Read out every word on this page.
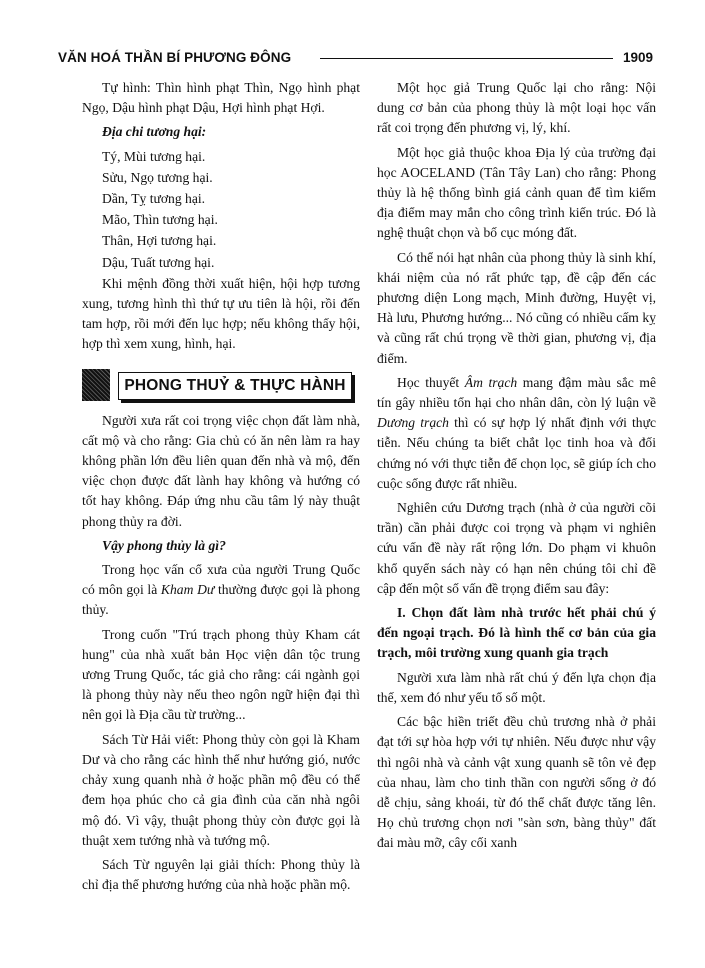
VĂN HOÁ THẦN BÍ PHƯƠNG ĐÔNG	1909

Tự hình: Thìn hình phạt Thìn, Ngọ hình phạt Ngọ, Dậu hình phạt Dậu, Hợi hình phạt Hợi.

Địa chi tương hại:

Tý, Mùi tương hại.

Sửu, Ngọ tương hại.

Dần, Tỵ tương hại.

Mão, Thìn tương hại.

Thân, Hợi tương hại.

Dậu, Tuất tương hại.

Khi mệnh đồng thời xuất hiện, hội hợp tương xung, tương hình thì thứ tự ưu tiên là hội, rồi đến tam hợp, rồi mới đến lục hợp; nếu không thấy hội, hợp thì xem xung, hình, hại.

PHONG THUỶ & THỰC HÀNH

Người xưa rất coi trọng việc chọn đất làm nhà, cất mộ và cho rằng: Gia chủ có ăn nên làm ra hay không phần lớn đều liên quan đến nhà và mộ, đến việc chọn được đất lành hay không và hướng có tốt hay không. Đáp ứng nhu cầu tâm lý này thuật phong thủy ra đời.

Vậy phong thủy là gì?

Trong học vấn cổ xưa của người Trung Quốc có môn gọi là Kham Dư thường được gọi là phong thủy.

Trong cuốn "Trú trạch phong thủy Kham cát hung" của nhà xuất bản Học viện dân tộc trung ương Trung Quốc, tác giả cho rằng: cái ngành gọi là phong thủy này nếu theo ngôn ngữ hiện đại thì nên gọi là Địa cầu từ trường...

Sách Từ Hải viết: Phong thủy còn gọi là Kham Dư và cho rằng các hình thế như hướng gió, nước chảy xung quanh nhà ở hoặc phần mộ đều có thể đem họa phúc cho cả gia đình của căn nhà ngôi mộ đó. Vì vậy, thuật phong thủy còn được gọi là thuật xem tướng nhà và tướng mộ.

Sách Từ nguyên lại giải thích: Phong thủy là chỉ địa thế phương hướng của nhà hoặc phần mộ.

Một học giả Trung Quốc lại cho rằng: Nội dung cơ bản của phong thủy là một loại học vấn rất coi trọng đến phương vị, lý, khí.

Một học giả thuộc khoa Địa lý của trường đại học AOCELAND (Tân Tây Lan) cho rằng: Phong thủy là hệ thống bình giá cảnh quan để tìm kiếm địa điểm may mắn cho công trình kiến trúc. Đó là nghệ thuật chọn và bố cục móng đất.

Có thể nói hạt nhân của phong thủy là sinh khí, khái niệm của nó rất phức tạp, đề cập đến các phương diện Long mạch, Minh đường, Huyệt vị, Hà lưu, Phương hướng... Nó cũng có nhiều cấm kỵ và cũng rất chú trọng về thời gian, phương vị, địa điểm.

Học thuyết Âm trạch mang đậm màu sắc mê tín gây nhiều tổn hại cho nhân dân, còn lý luận về Dương trạch thì có sự hợp lý nhất định với thực tiễn. Nếu chúng ta biết chắt lọc tinh hoa và đối chứng nó với thực tiễn để chọn lọc, sẽ giúp ích cho cuộc sống được rất nhiều.

Nghiên cứu Dương trạch (nhà ở của người cõi trần) cần phải được coi trọng và phạm vi nghiên cứu vấn đề này rất rộng lớn. Do phạm vi khuôn khổ quyển sách này có hạn nên chúng tôi chỉ đề cập đến một số vấn đề trọng điểm sau đây:

I. Chọn đất làm nhà trước hết phải chú ý đến ngoại trạch. Đó là hình thể cơ bản của gia trạch, môi trường xung quanh gia trạch

Người xưa làm nhà rất chú ý đến lựa chọn địa thế, xem đó như yếu tố số một.

Các bậc hiền triết đều chủ trương nhà ở phải đạt tới sự hòa hợp với tự nhiên. Nếu được như vậy thì ngôi nhà và cảnh vật xung quanh sẽ tôn vẻ đẹp của nhau, làm cho tinh thần con người sống ở đó dễ chịu, sảng khoái, từ đó thể chất được tăng lên. Họ chủ trương chọn nơi "sàn sơn, bàng thủy" đất đai màu mỡ, cây cối xanh
